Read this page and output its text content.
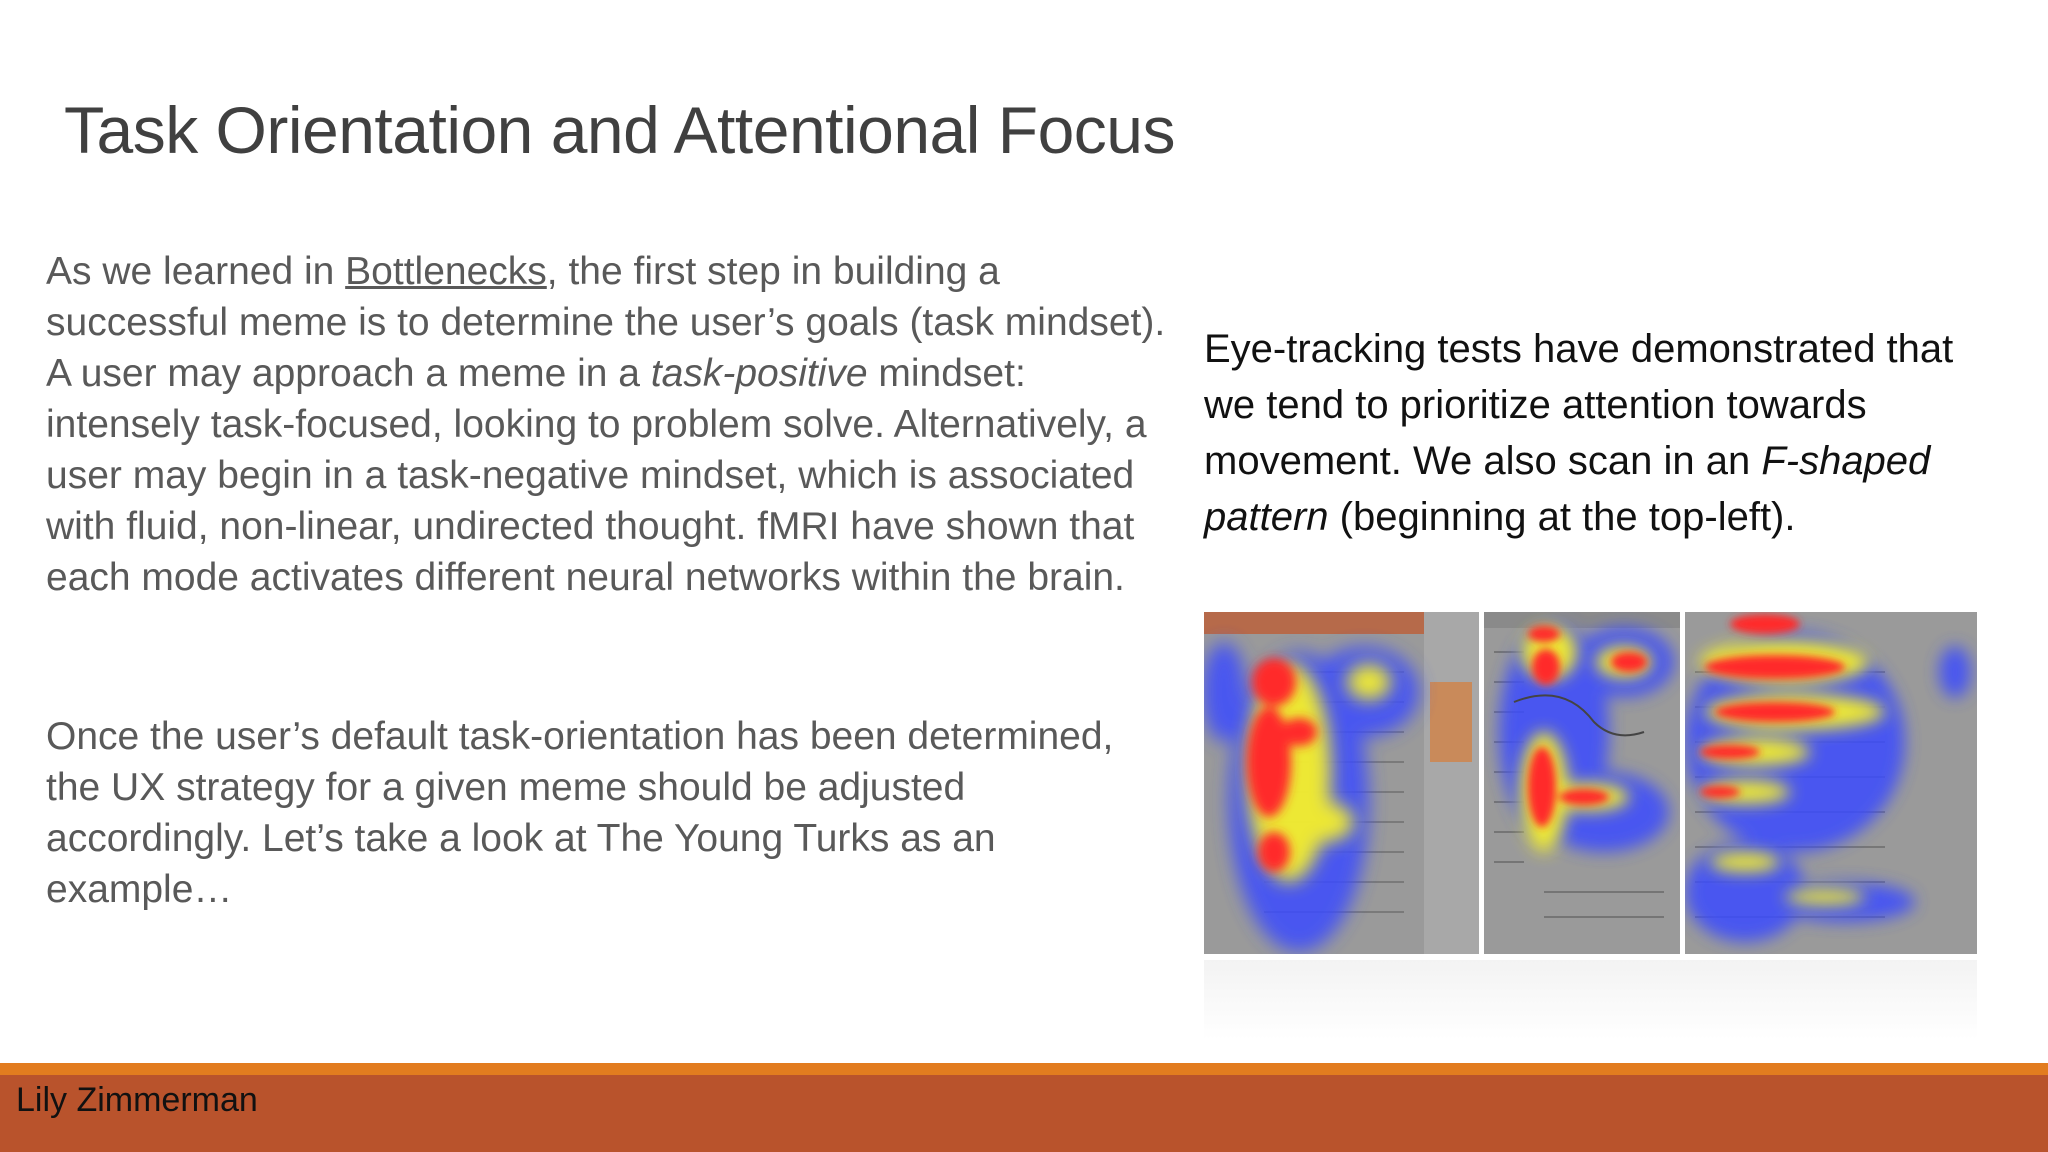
Task Orientation and Attentional Focus

As we learned in Bottlenecks, the first step in building a successful meme is to determine the user’s goals (task mindset). A user may approach a meme in a task-positive mindset: intensely task-focused, looking to problem solve. Alternatively, a user may begin in a task-negative mindset, which is associated with fluid, non-linear, undirected thought. fMRI have shown that each mode activates different neural networks within the brain.

Once the user’s default task-orientation has been determined, the UX strategy for a given meme should be adjusted accordingly. Let’s take a look at The Young Turks as an example…

Eye-tracking tests have demonstrated that we tend to prioritize attention towards movement. We also scan in an F-shaped pattern (beginning at the top-left).

Lily Zimmerman
